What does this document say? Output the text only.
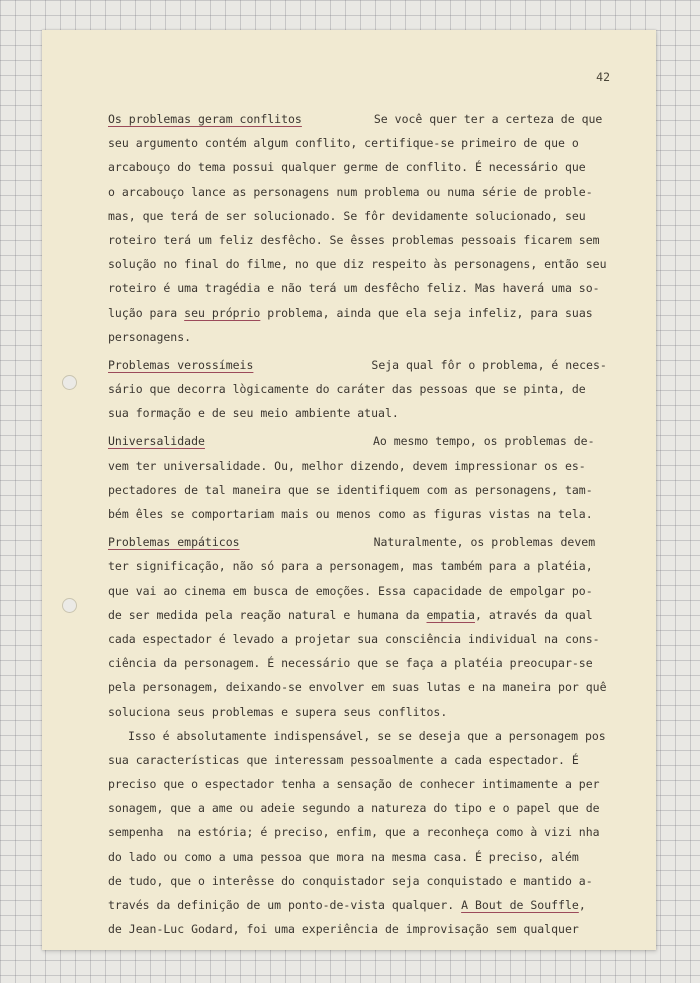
42
Os problemas geram conflitos	Se você quer ter a certeza de que
seu argumento contém algum conflito, certifique-se primeiro de que o
arcabouço do tema possui qualquer germe de conflito. É necessário que
o arcabouço lance as personagens num problema ou numa série de proble-
mas, que terá de ser solucionado. Se fôr devidamente solucionado, seu
roteiro terá um feliz desfêcho. Se êsses problemas pessoais ficarem sem
solução no final do filme, no que diz respeito às personagens, então seu
roteiro é uma tragédia e não terá um desfêcho feliz. Mas haverá uma so-
lução para seu próprio problema, ainda que ela seja infeliz, para suas
personagens.
Problemas verossímeis	Seja qual fôr o problema, é neces-
sário que decorra lògicamente do caráter das pessoas que se pinta, de
sua formação e de seu meio ambiente atual.
Universalidade	Ao mesmo tempo, os problemas de-
vem ter universalidade. Ou, melhor dizendo, devem impressionar os es-
pectadores de tal maneira que se identifiquem com as personagens, tam-
bém êles se comportariam mais ou menos como as figuras vistas na tela.
Problemas empáticos	Naturalmente, os problemas devem
ter significação, não só para a personagem, mas também para a platéia,
que vai ao cinema em busca de emoções. Essa capacidade de empolgar po-
de ser medida pela reação natural e humana da empatia , através da qual
cada espectador é levado a projetar sua consciência individual na cons-
ciência da personagem. É necessário que se faça a platéia preocupar-se
pela personagem, deixando-se envolver em suas lutas e na maneira por quê
soluciona seus problemas e supera seus conflitos.
Isso é absolutamente indispensável, se se deseja que a personagem pos
sua características que interessam pessoalmente a cada espectador. É
preciso que o espectador tenha a sensação de conhecer intimamente a per
sonagem, que a ame ou adeie segundo a natureza do tipo e o papel que de
sempenha  na estória; é preciso, enfim, que a reconheça como à vizi nha
do lado ou como a uma pessoa que mora na mesma casa. É preciso, além
de tudo, que o interêsse do conquistador seja conquistado e mantido a-
través da definição de um ponto-de-vista qualquer. A Bout de Souffle ,
de Jean-Luc Godard, foi uma experiência de improvisação sem qualquer
